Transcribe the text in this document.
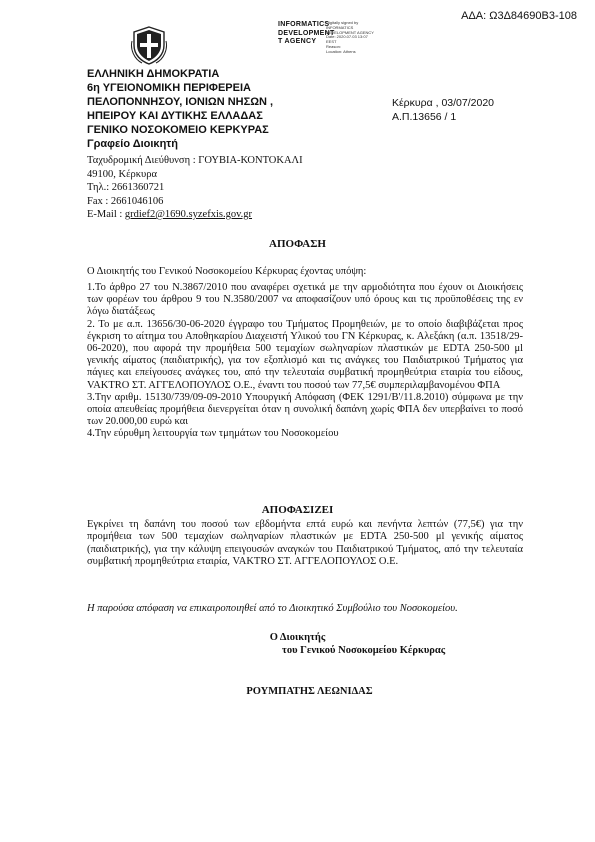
ΑΔΑ: Ω3Δ84690Β3-108
INFORMATICS
DEVELOPMENT
T AGENCY
Digitally signed by
INFORMATICS
DEVELOPMENT AGENCY
Date: 2020.07.03 13:07
EEST
Reason:
Location: Athens
ΕΛΛΗΝΙΚΗ ΔΗΜΟΚΡΑΤΙΑ
6η ΥΓΕΙΟΝΟΜΙΚΗ ΠΕΡΙΦΕΡΕΙΑ
ΠΕΛΟΠΟΝΝΗΣΟΥ, ΙΟΝΙΩΝ ΝΗΣΩΝ ,
ΗΠΕΙΡΟΥ ΚΑΙ ΔΥΤΙΚΗΣ ΕΛΛΑΔΑΣ
ΓΕΝΙΚΟ ΝΟΣΟΚΟΜΕΙΟ ΚΕΡΚΥΡΑΣ
Κέρκυρα , 03/07/2020
Α.Π.13656 / 1
Γραφείο Διοικητή
Ταχυδρομική Διεύθυνση : ΓΟΥΒΙΑ-ΚΟΝΤΟΚΑΛΙ
49100, Κέρκυρα
Τηλ.: 2661360721
Fax : 2661046106
E-Mail : grdief2@1690.syzefxis.gov.gr
ΑΠΟΦΑΣΗ
Ο Διοικητής του Γενικού Νοσοκομείου Κέρκυρας έχοντας υπόψη:

1.Το άρθρο 27 του Ν.3867/2010 που αναφέρει σχετικά με την αρμοδιότητα που έχουν οι Διοικήσεις των φορέων του άρθρου 9 του Ν.3580/2007 να αποφασίζουν υπό όρους και τις προϋποθέσεις της εν λόγω διατάξεως

2. Το με α.π. 13656/30-06-2020 έγγραφο του Τμήματος Προμηθειών, με το οποίο διαβιβάζεται προς έγκριση το αίτημα του Αποθηκαρίου Διαχειστή Υλικού του ΓΝ Κέρκυρας, κ. Αλεξάκη (α.π. 13518/29-06-2020), που αφορά την προμήθεια 500 τεμαχίων σωληναρίων πλαστικών με EDTA 250-500 μl γενικής αίματος (παιδιατρικής), για τον εξοπλισμό και τις ανάγκες του Παιδιατρικού Τμήματος για πάγιες και επείγουσες ανάγκες του, από την τελευταία συμβατική προμηθεύτρια εταιρία του είδους, VAKTRO ΣΤ. ΑΓΓΕΛΟΠΟΥΛΟΣ Ο.Ε., έναντι του ποσού των 77,5€ συμπεριλαμβανομένου ΦΠΑ

3.Την αριθμ. 15130/739/09-09-2010 Υπουργική Απόφαση (ΦΕΚ 1291/Β'/11.8.2010) σύμφωνα με την οποία απευθείας προμήθεια διενεργείται όταν η συνολική δαπάνη χωρίς ΦΠΑ δεν υπερβαίνει το ποσό των 20.000,00 ευρώ και

4.Την εύρυθμη λειτουργία των τμημάτων του Νοσοκομείου

ΑΠΟΦΑΣΙΖΕΙ
Εγκρίνει τη δαπάνη του ποσού των εβδομήντα επτά ευρώ και πενήντα λεπτών (77,5€) για την προμήθεια των 500 τεμαχίων σωληναρίων πλαστικών με EDTA 250-500 μl γενικής αίματος (παιδιατρικής), για την κάλυψη επειγουσών αναγκών του Παιδιατρικού Τμήματος, από την τελευταία συμβατική προμηθεύτρια εταιρία, VAKTRO ΣΤ. ΑΓΓΕΛΟΠΟΥΛΟΣ Ο.Ε.
Η παρούσα απόφαση να επικαιροποιηθεί από το Διοικητικό Συμβούλιο του Νοσοκομείου.
Ο Διοικητής
του Γενικού Νοσοκομείου Κέρκυρας
ΡΟΥΜΠΑΤΗΣ ΛΕΩΝΙΔΑΣ
